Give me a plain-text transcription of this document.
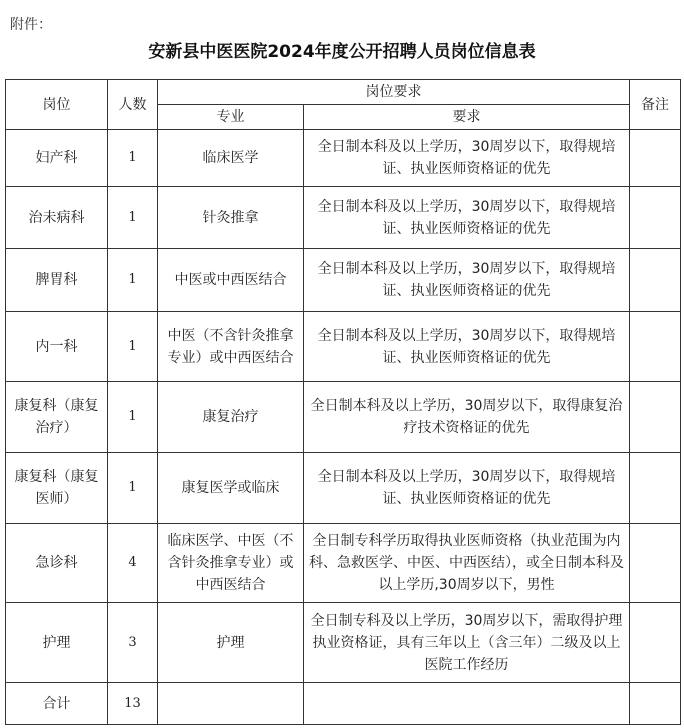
附件：

安新县中医医院2024年度公开招聘人员岗位信息表
岗位	人数	岗位要求		备注
		专业	要求	
妇产科	1	临床医学	全日制本科及以上学历，30周岁以下，取得规培证、执业医师资格证的优先	
治未病科	1	针灸推拿	全日制本科及以上学历，30周岁以下，取得规培证、执业医师资格证的优先	
脾胃科	1	中医或中西医结合	全日制本科及以上学历，30周岁以下，取得规培证、执业医师资格证的优先	
内一科	1	中医（不含针灸推拿专业）或中西医结合	全日制本科及以上学历，30周岁以下，取得规培证、执业医师资格证的优先	
康复科（康复治疗）	1	康复治疗	全日制本科及以上学历，30周岁以下，取得康复治疗技术资格证的优先	
康复科（康复医师）	1	康复医学或临床	全日制本科及以上学历，30周岁以下，取得规培证、执业医师资格证的优先	
急诊科	4	临床医学、中医（不含针灸推拿专业）或中西医结合	全日制专科学历取得执业医师资格（执业范围为内科、急救医学、中医、中西医结），或全日制本科及以上学历,30周岁以下，男性	
护理	3	护理	全日制专科及以上学历，30周岁以下，需取得护理执业资格证，具有三年以上（含三年）二级及以上医院工作经历	
合计	13			
